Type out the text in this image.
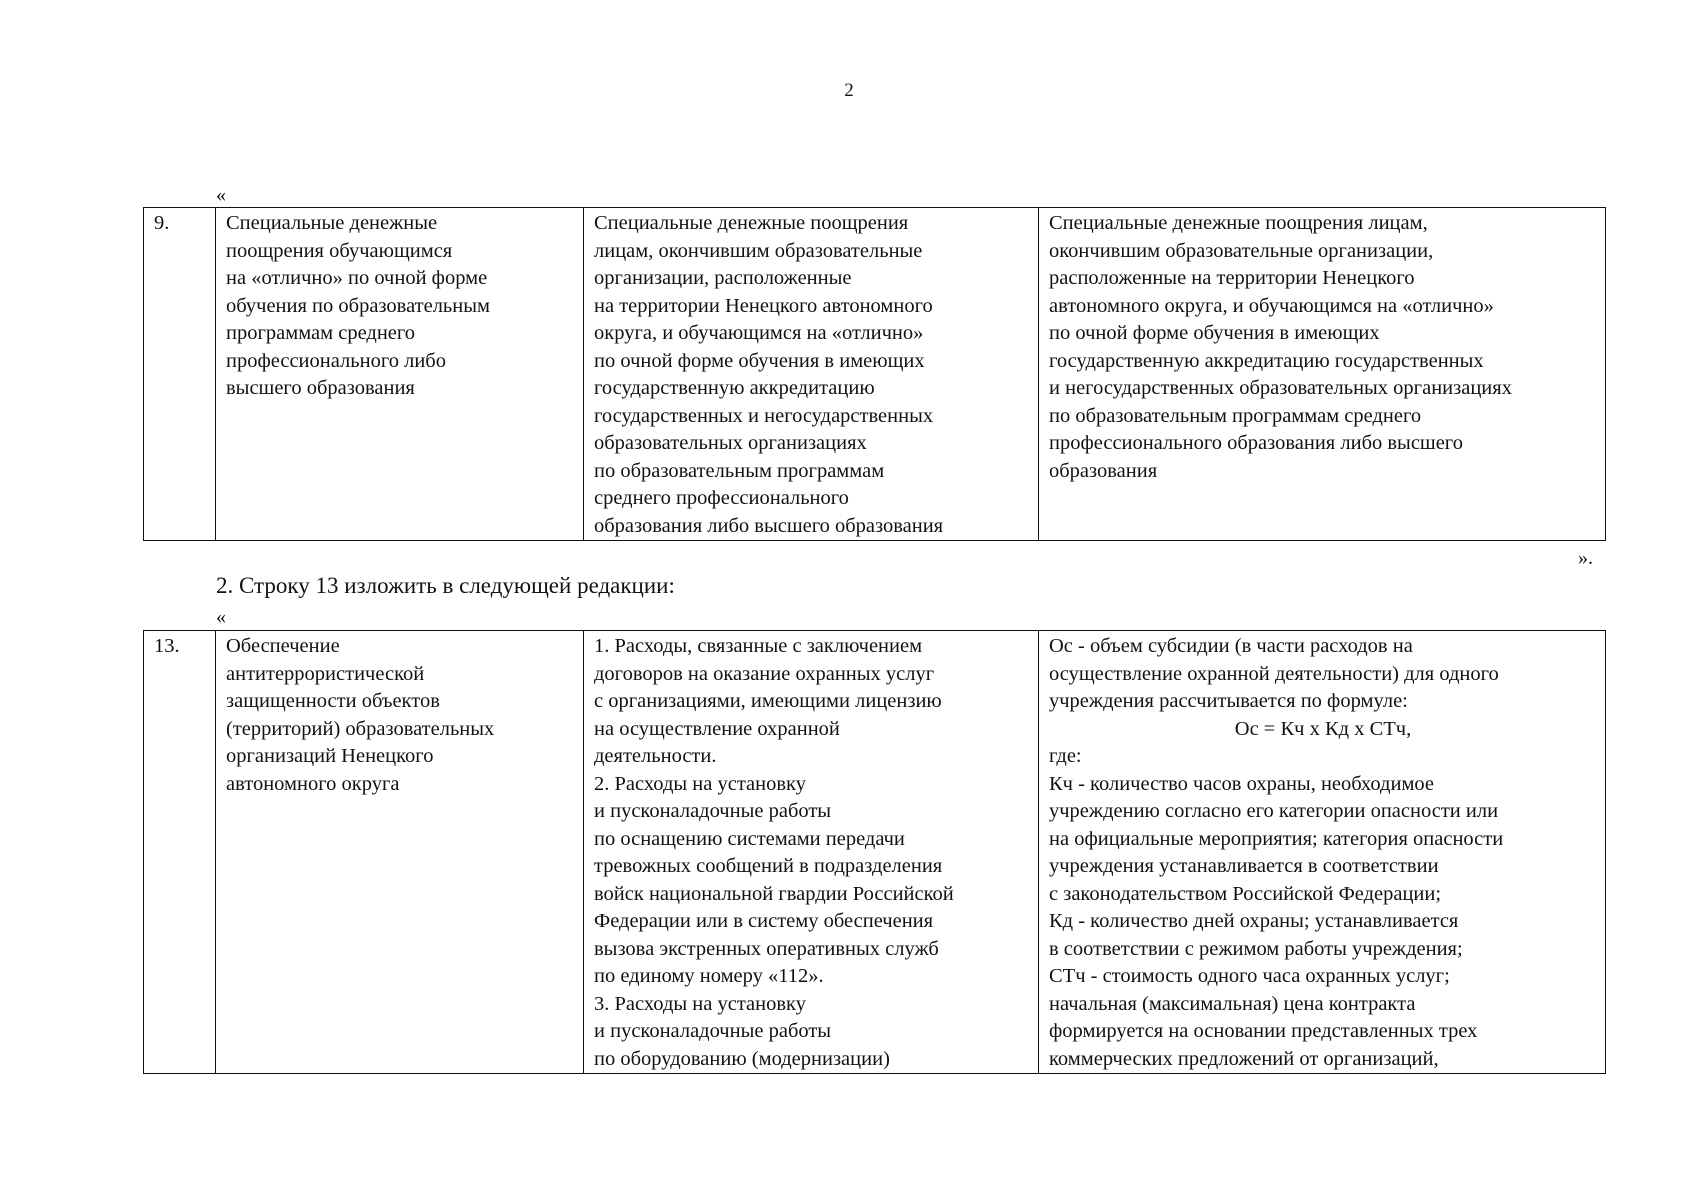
2
«
9.	Специальные денежные
поощрения обучающимся
на «отлично» по очной форме
обучения по образовательным
программам среднего
профессионального либо
высшего образования

Специальные денежные поощрения
лицам, окончившим образовательные
организации, расположенные
на территории Ненецкого автономного
округа, и обучающимся на «отлично»
по очной форме обучения в имеющих
государственную аккредитацию
государственных и негосударственных
образовательных организациях
по образовательным программам
среднего профессионального
образования либо высшего образования

Специальные денежные поощрения лицам,
окончившим образовательные организации,
расположенные на территории Ненецкого
автономного округа, и обучающимся на «отлично»
по очной форме обучения в имеющих
государственную аккредитацию государственных
и негосударственных образовательных организациях
по образовательным программам среднего
профессионального образования либо высшего
образования
».
2. Строку 13 изложить в следующей редакции:
«
13.	Обеспечение
антитеррористической
защищенности объектов
(территорий) образовательных
организаций Ненецкого
автономного округа

1. Расходы, связанные с заключением
договоров на оказание охранных услуг
с организациями, имеющими лицензию
на осуществление охранной
деятельности.
2. Расходы на установку
и пусконаладочные работы
по оснащению системами передачи
тревожных сообщений в подразделения
войск национальной гвардии Российской
Федерации или в систему обеспечения
вызова экстренных оперативных служб
по единому номеру «112».
3. Расходы на установку
и пусконаладочные работы
по оборудованию (модернизации)

Ос - объем субсидии (в части расходов на
осуществление охранной деятельности) для одного
учреждения рассчитывается по формуле:
Ос = Кч х Кд х СТч,
где:
Кч - количество часов охраны, необходимое
учреждению согласно его категории опасности или
на официальные мероприятия; категория опасности
учреждения устанавливается в соответствии
с законодательством Российской Федерации;
Кд - количество дней охраны; устанавливается
в соответствии с режимом работы учреждения;
СТч - стоимость одного часа охранных услуг;
начальная (максимальная) цена контракта
формируется на основании представленных трех
коммерческих предложений от организаций,
